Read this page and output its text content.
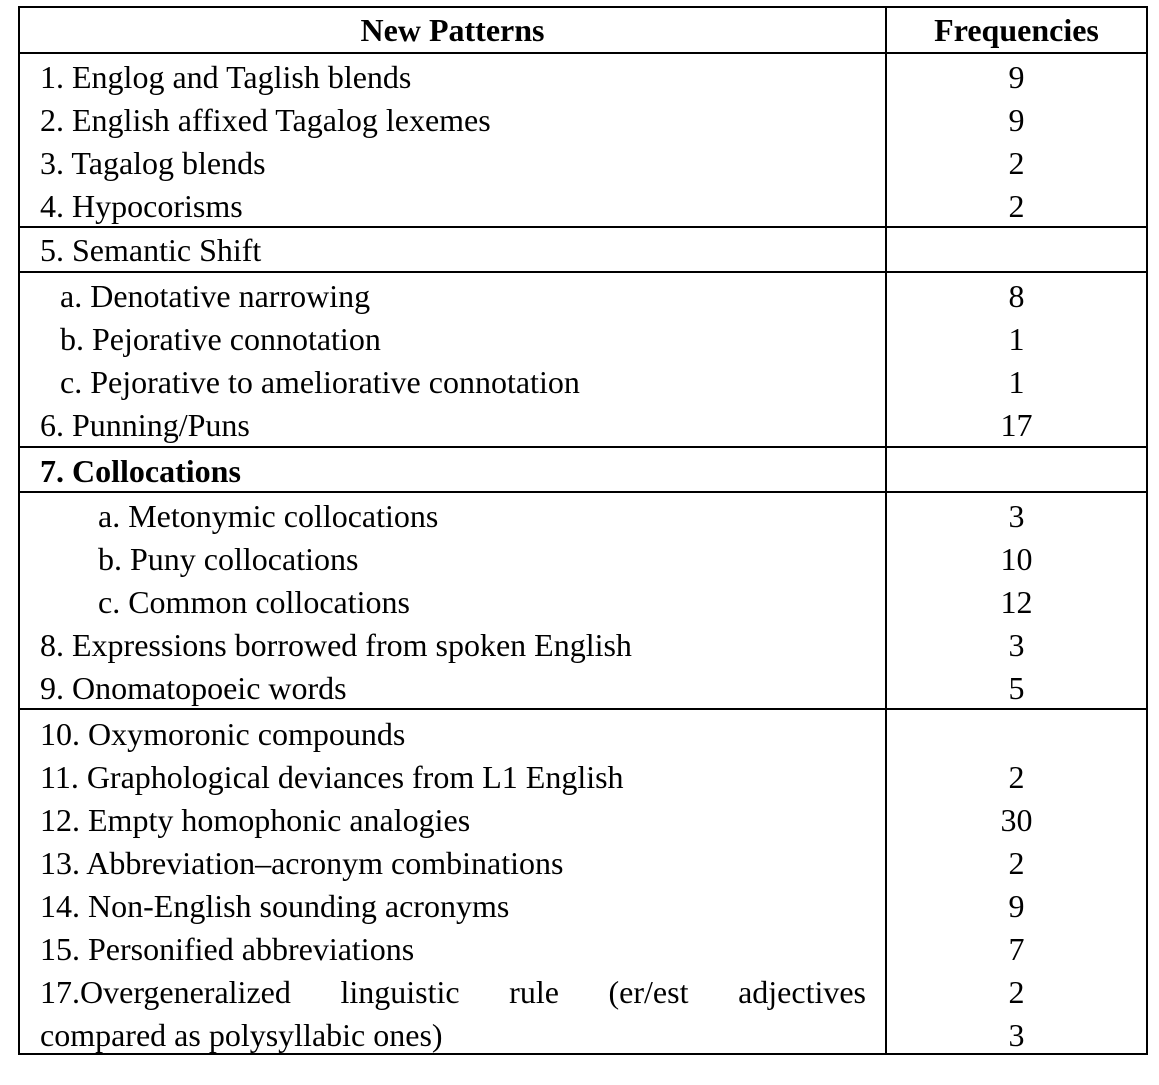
New Patterns	Frequencies
1. Englog and Taglish blends	9
2. English affixed Tagalog lexemes	9
3. Tagalog blends	2
4. Hypocorisms	2
5. Semantic Shift
a. Denotative narrowing	8
b. Pejorative connotation	1
c. Pejorative to ameliorative connotation	1
6. Punning/Puns	17
7. Collocations
a. Metonymic collocations	3
b. Puny collocations	10
c. Common collocations	12
8. Expressions borrowed from spoken English	3
9. Onomatopoeic words	5
10. Oxymoronic compounds
11. Graphological deviances from L1 English	2
12. Empty homophonic analogies	30
13. Abbreviation–acronym combinations	2
14. Non-English sounding acronyms	9
15. Personified abbreviations	7
17.Overgeneralized linguistic rule (er/est adjectives	2
compared as polysyllabic ones)	3
